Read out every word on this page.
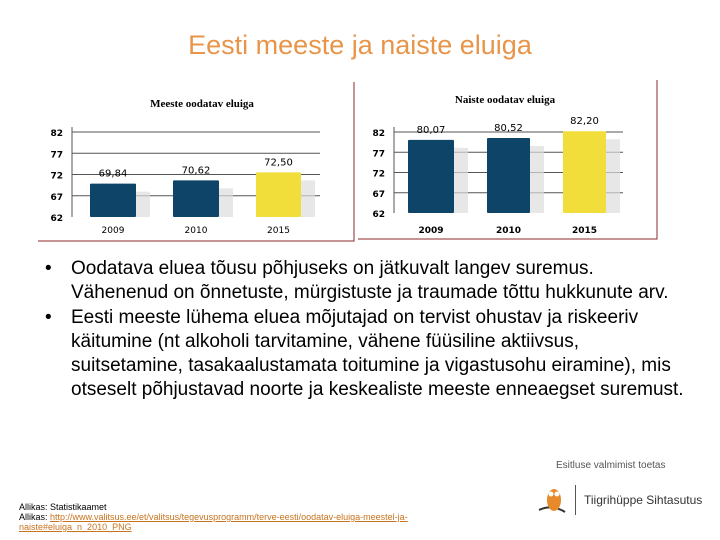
Eesti meeste ja naiste eluiga
Meeste oodatav eluiga
82
77
72
67
62
69,84
2009
70,62
2010
72,50
2015
Naiste oodatav eluiga
82
77
72
67
62
80,07
2009
80,52
2010
82,20
2015
• Oodatava eluea tõusu põhjuseks on jätkuvalt langev suremus. Vähenenud on õnnetuste, mürgistuste ja traumade tõttu hukkunute arv.
• Eesti meeste lühema eluea mõjutajad on tervist ohustav ja riskeeriv käitumine (nt alkoholi tarvitamine, vähene füüsiline aktiivsus, suitsetamine, tasakaalustamata toitumine ja vigastusohu eiramine), mis otseselt põhjustavad noorte ja keskealiste meeste enneaegset suremust.
Allikas: Statistikaamet
Allikas: http://www.valitsus.ee/et/valitsus/tegevusprogramm/terve-eesti/oodatav-eluiga-meestel-ja-naiste#eluiga_n_2010_PNG
Esitluse valmimist toetas
Tiigrihüppe Sihtasutus
